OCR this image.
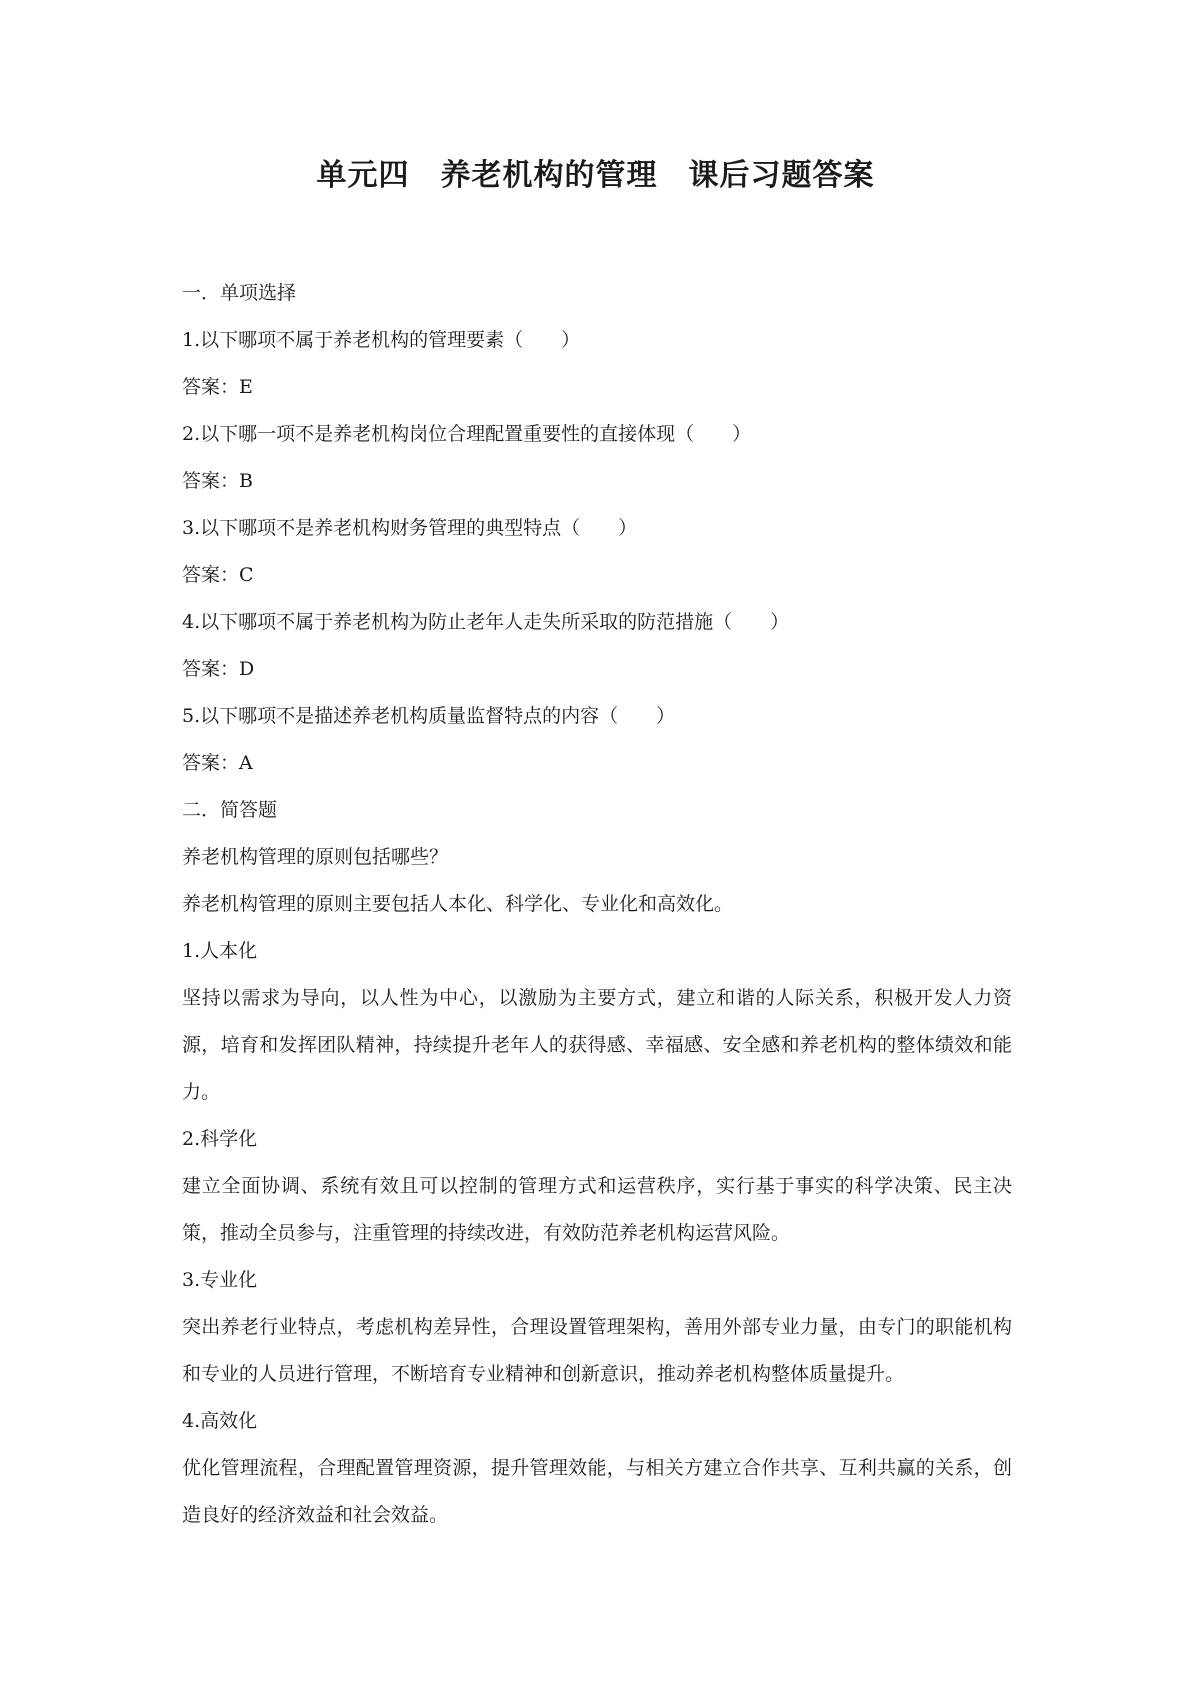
单元四　养老机构的管理　课后习题答案

一．单项选择

1.以下哪项不属于养老机构的管理要素（　　）

答案：E

2.以下哪一项不是养老机构岗位合理配置重要性的直接体现（　　）

答案：B

3.以下哪项不是养老机构财务管理的典型特点（　　）

答案：C

4.以下哪项不属于养老机构为防止老年人走失所采取的防范措施（　　）

答案：D

5.以下哪项不是描述养老机构质量监督特点的内容（　　）

答案：A

二．简答题

养老机构管理的原则包括哪些？

养老机构管理的原则主要包括人本化、科学化、专业化和高效化。

1.人本化

坚持以需求为导向，以人性为中心，以激励为主要方式，建立和谐的人际关系，积极开发人力资源，培育和发挥团队精神，持续提升老年人的获得感、幸福感、安全感和养老机构的整体绩效和能力。

2.科学化

建立全面协调、系统有效且可以控制的管理方式和运营秩序，实行基于事实的科学决策、民主决策，推动全员参与，注重管理的持续改进，有效防范养老机构运营风险。

3.专业化

突出养老行业特点，考虑机构差异性，合理设置管理架构，善用外部专业力量，由专门的职能机构和专业的人员进行管理，不断培育专业精神和创新意识，推动养老机构整体质量提升。

4.高效化

优化管理流程，合理配置管理资源，提升管理效能，与相关方建立合作共享、互利共赢的关系，创造良好的经济效益和社会效益。
